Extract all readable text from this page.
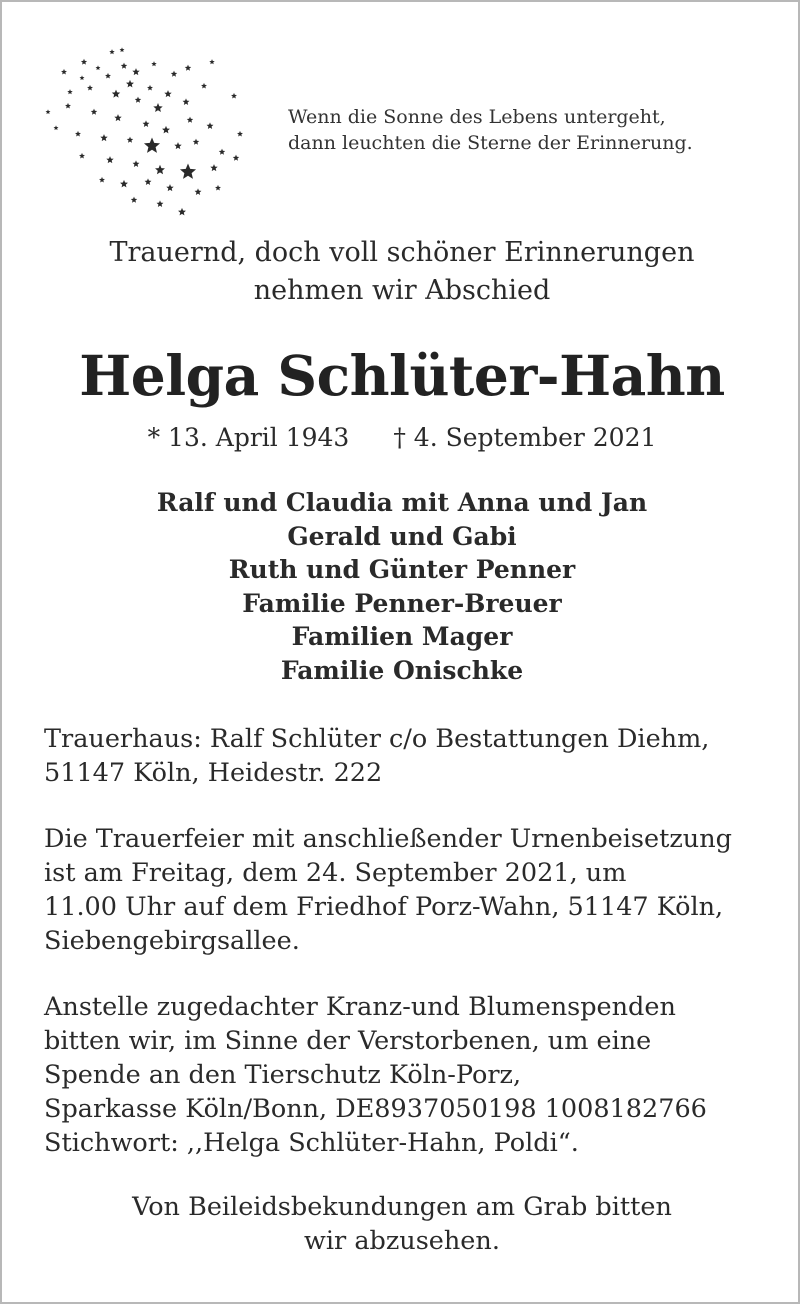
Wenn die Sonne des Lebens untergeht,
dann leuchten die Sterne der Erinnerung.
Trauernd, doch voll schöner Erinnerungen
nehmen wir Abschied
Helga Schlüter-Hahn
* 13. April 1943 † 4. September 2021
Ralf und Claudia mit Anna und Jan
Gerald und Gabi
Ruth und Günter Penner
Familie Penner-Breuer
Familien Mager
Familie Onischke
Trauerhaus: Ralf Schlüter c/o Bestattungen Diehm,
51147 Köln, Heidestr. 222
Die Trauerfeier mit anschließender Urnenbeisetzung
ist am Freitag, dem 24. September 2021, um
11.00 Uhr auf dem Friedhof Porz-Wahn, 51147 Köln,
Siebengebirgsallee.
Anstelle zugedachter Kranz-und Blumenspenden
bitten wir, im Sinne der Verstorbenen, um eine
Spende an den Tierschutz Köln-Porz,
Sparkasse Köln/Bonn, DE8937050198 1008182766
Stichwort: ,,Helga Schlüter-Hahn, Poldi“.
Von Beileidsbekundungen am Grab bitten
wir abzusehen.
